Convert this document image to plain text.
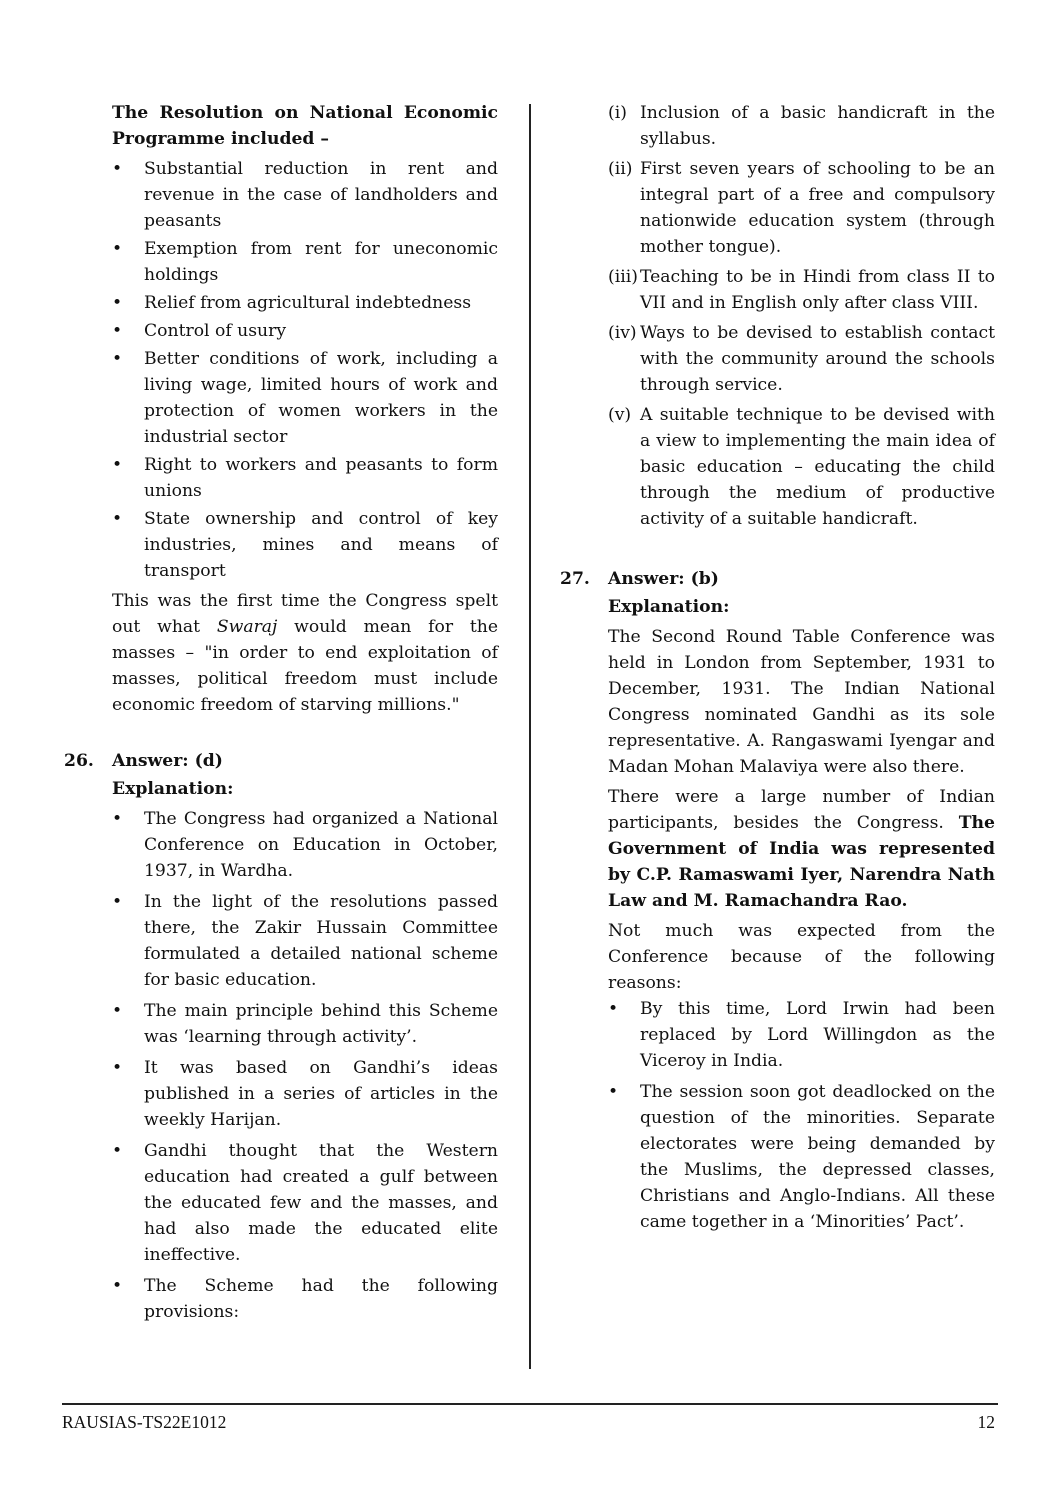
The Resolution on National Economic Programme included –

• Substantial reduction in rent and revenue in the case of landholders and peasants
• Exemption from rent for uneconomic holdings
• Relief from agricultural indebtedness
• Control of usury
• Better conditions of work, including a living wage, limited hours of work and protection of women workers in the industrial sector
• Right to workers and peasants to form unions
• State ownership and control of key industries, mines and means of transport

This was the first time the Congress spelt out what Swaraj would mean for the masses – "in order to end exploitation of masses, political freedom must include economic freedom of starving millions."

26. Answer: (d)
Explanation:
• The Congress had organized a National Conference on Education in October, 1937, in Wardha.
• In the light of the resolutions passed there, the Zakir Hussain Committee formulated a detailed national scheme for basic education.
• The main principle behind this Scheme was ‘learning through activity’.
• It was based on Gandhi’s ideas published in a series of articles in the weekly Harijan.
• Gandhi thought that the Western education had created a gulf between the educated few and the masses, and had also made the educated elite ineffective.
• The Scheme had the following provisions:
(i) Inclusion of a basic handicraft in the syllabus.
(ii) First seven years of schooling to be an integral part of a free and compulsory nationwide education system (through mother tongue).
(iii) Teaching to be in Hindi from class II to VII and in English only after class VIII.
(iv) Ways to be devised to establish contact with the community around the schools through service.
(v) A suitable technique to be devised with a view to implementing the main idea of basic education – educating the child through the medium of productive activity of a suitable handicraft.
27. Answer: (b)
Explanation:

The Second Round Table Conference was held in London from September, 1931 to December, 1931. The Indian National Congress nominated Gandhi as its sole representative. A. Rangaswami Iyengar and Madan Mohan Malaviya were also there.

There were a large number of Indian participants, besides the Congress. The Government of India was represented by C.P. Ramaswami Iyer, Narendra Nath Law and M. Ramachandra Rao.

Not much was expected from the Conference because of the following reasons:

• By this time, Lord Irwin had been replaced by Lord Willingdon as the Viceroy in India.
• The session soon got deadlocked on the question of the minorities. Separate electorates were being demanded by the Muslims, the depressed classes, Christians and Anglo-Indians. All these came together in a ‘Minorities’ Pact’.
RAUSIAS-TS22E1012	12
